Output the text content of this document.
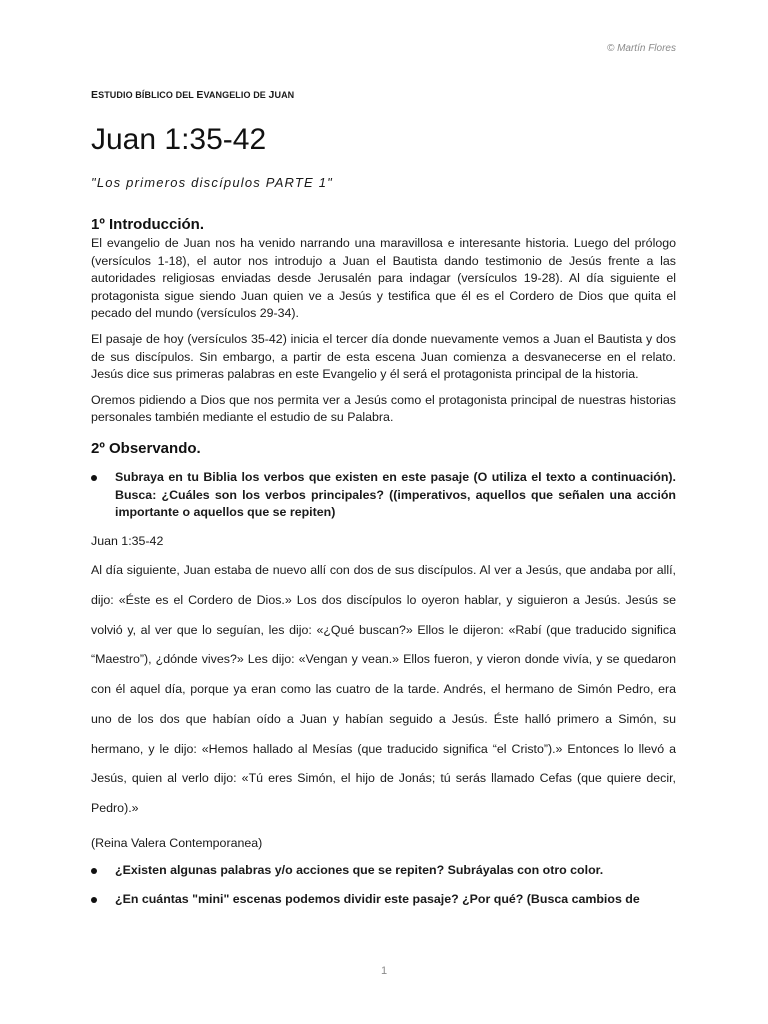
© Martín Flores

ESTUDIO BÍBLICO DEL EVANGELIO DE JUAN

Juan 1:35-42

"Los primeros discípulos PARTE 1"

1º Introducción.

El evangelio de Juan nos ha venido narrando una maravillosa e interesante historia. Luego del prólogo (versículos 1-18), el autor nos introdujo a Juan el Bautista dando testimonio de Jesús frente a las autoridades religiosas enviadas desde Jerusalén para indagar (versículos 19-28). Al día siguiente el protagonista sigue siendo Juan quien ve a Jesús y testifica que él es el Cordero de Dios que quita el pecado del mundo (versículos 29-34).

El pasaje de hoy (versículos 35-42) inicia el tercer día donde nuevamente vemos a Juan el Bautista y dos de sus discípulos. Sin embargo, a partir de esta escena Juan comienza a desvanecerse en el relato. Jesús dice sus primeras palabras en este Evangelio y él será el protagonista principal de la historia.

Oremos pidiendo a Dios que nos permita ver a Jesús como el protagonista principal de nuestras historias personales también mediante el estudio de su Palabra.

2º Observando.
Subraya en tu Biblia los verbos que existen en este pasaje (O utiliza el texto a continuación). Busca: ¿Cuáles son los verbos principales? ((imperativos, aquellos que señalen una acción importante o aquellos que se repiten)

Juan 1:35-42

Al día siguiente, Juan estaba de nuevo allí con dos de sus discípulos. Al ver a Jesús, que andaba por allí, dijo: «Éste es el Cordero de Dios.» Los dos discípulos lo oyeron hablar, y siguieron a Jesús. Jesús se volvió y, al ver que lo seguían, les dijo: «¿Qué buscan?» Ellos le dijeron: «Rabí (que traducido significa “Maestro”), ¿dónde vives?» Les dijo: «Vengan y vean.» Ellos fueron, y vieron donde vivía, y se quedaron con él aquel día, porque ya eran como las cuatro de la tarde. Andrés, el hermano de Simón Pedro, era uno de los dos que habían oído a Juan y habían seguido a Jesús. Éste halló primero a Simón, su hermano, y le dijo: «Hemos hallado al Mesías (que traducido significa “el Cristo”).» Entonces lo llevó a Jesús, quien al verlo dijo: «Tú eres Simón, el hijo de Jonás; tú serás llamado Cefas (que quiere decir, Pedro).»

(Reina Valera Contemporanea)

¿Existen algunas palabras y/o acciones que se repiten? Subráyalas con otro color.
¿En cuántas "mini" escenas podemos dividir este pasaje? ¿Por qué? (Busca cambios de
1
